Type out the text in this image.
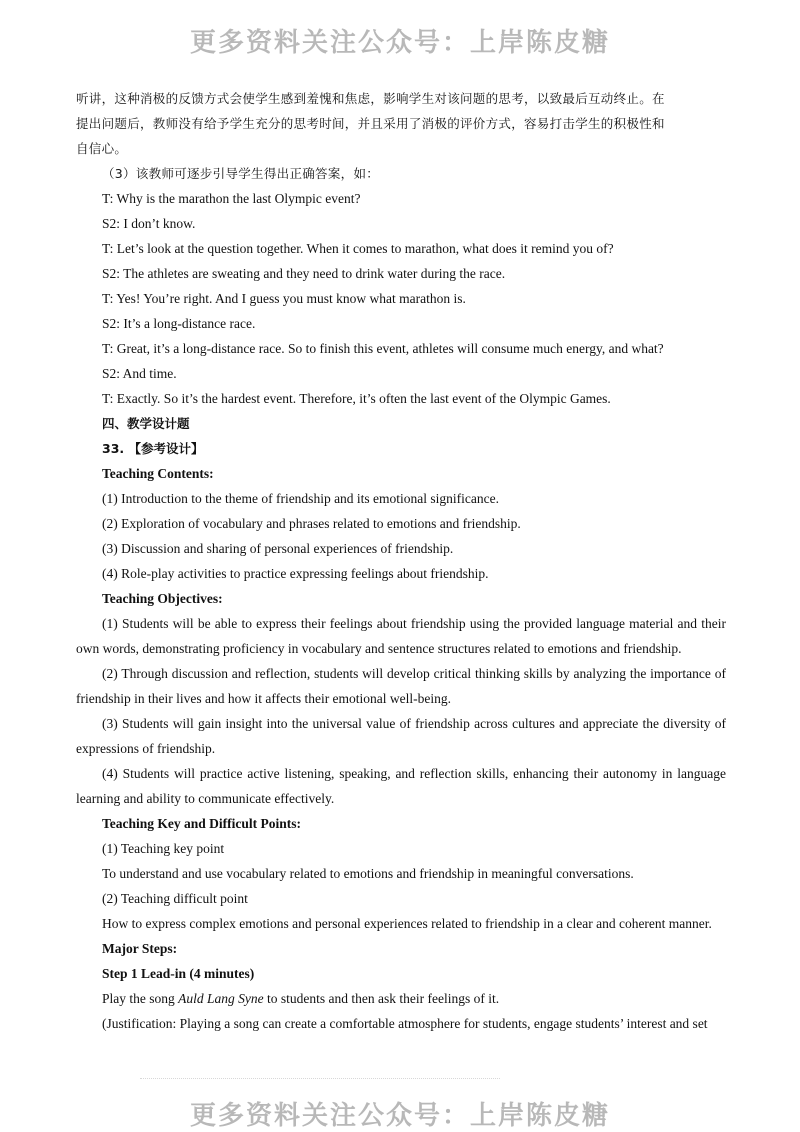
更多资料关注公众号：上岸陈皮糖

听讲，这种消极的反馈方式会使学生感到羞愧和焦虑，影响学生对该问题的思考，以致最后互动终止。在

提出问题后，教师没有给予学生充分的思考时间，并且采用了消极的评价方式，容易打击学生的积极性和

自信心。

（3）该教师可逐步引导学生得出正确答案，如：

T: Why is the marathon the last Olympic event?

S2: I don’t know.

T: Let’s look at the question together. When it comes to marathon, what does it remind you of?

S2: The athletes are sweating and they need to drink water during the race.

T: Yes! You’re right. And I guess you must know what marathon is.

S2: It’s a long-distance race.

T: Great, it’s a long-distance race. So to finish this event, athletes will consume much energy, and what?

S2: And time.

T: Exactly. So it’s the hardest event. Therefore, it’s often the last event of the Olympic Games.

四、教学设计题

33. 【参考设计】

Teaching Contents:

(1) Introduction to the theme of friendship and its emotional significance.

(2) Exploration of vocabulary and phrases related to emotions and friendship.

(3) Discussion and sharing of personal experiences of friendship.

(4) Role-play activities to practice expressing feelings about friendship.

Teaching Objectives:

(1) Students will be able to express their feelings about friendship using the provided language material and their own words, demonstrating proficiency in vocabulary and sentence structures related to emotions and friendship.

(2) Through discussion and reflection, students will develop critical thinking skills by analyzing the importance of friendship in their lives and how it affects their emotional well-being.

(3) Students will gain insight into the universal value of friendship across cultures and appreciate the diversity of expressions of friendship.

(4) Students will practice active listening, speaking, and reflection skills, enhancing their autonomy in language learning and ability to communicate effectively.

Teaching Key and Difficult Points:

(1) Teaching key point

To understand and use vocabulary related to emotions and friendship in meaningful conversations.

(2) Teaching difficult point

How to express complex emotions and personal experiences related to friendship in a clear and coherent manner.

Major Steps:

Step 1 Lead-in (4 minutes)

Play the song Auld Lang Syne to students and then ask their feelings of it.

(Justification: Playing a song can create a comfortable atmosphere for students, engage students’ interest and set

更多资料关注公众号：上岸陈皮糖
